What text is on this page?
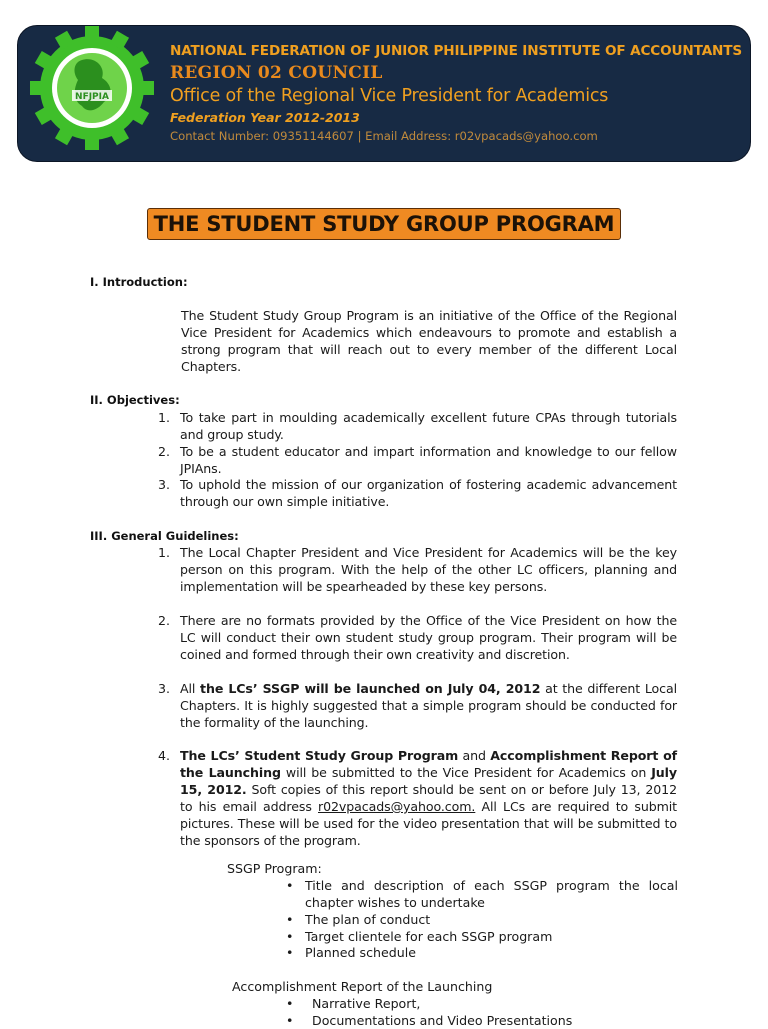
NFJPIA
NATIONAL FEDERATION OF JUNIOR PHILIPPINE INSTITUTE OF ACCOUNTANTS
REGION 02 COUNCIL
Office of the Regional Vice President for Academics
Federation Year 2012-2013
Contact Number: 09351144607 | Email Address: r02vpacads@yahoo.com
THE STUDENT STUDY GROUP PROGRAM
I. Introduction:
The Student Study Group Program is an initiative of the Office of the Regional Vice President for Academics which endeavours to promote and establish a strong program that will reach out to every member of the different Local Chapters.
II. Objectives:
1. To take part in moulding academically excellent future CPAs through tutorials and group study.
2. To be a student educator and impart information and knowledge to our fellow JPIAns.
3. To uphold the mission of our organization of fostering academic advancement through our own simple initiative.
III. General Guidelines:
1. The Local Chapter President and Vice President for Academics will be the key person on this program. With the help of the other LC officers, planning and implementation will be spearheaded by these key persons.
2. There are no formats provided by the Office of the Vice President on how the LC will conduct their own student study group program. Their program will be coined and formed through their own creativity and discretion.
3. All the LCs’ SSGP will be launched on July 04, 2012 at the different Local Chapters. It is highly suggested that a simple program should be conducted for the formality of the launching.
4. The LCs’ Student Study Group Program and Accomplishment Report of the Launching will be submitted to the Vice President for Academics on July 15, 2012. Soft copies of this report should be sent on or before July 13, 2012 to his email address r02vpacads@yahoo.com. All LCs are required to submit pictures. These will be used for the video presentation that will be submitted to the sponsors of the program.
SSGP Program:
• Title and description of each SSGP program the local chapter wishes to undertake
• The plan of conduct
• Target clientele for each SSGP program
• Planned schedule
Accomplishment Report of the Launching
• Narrative Report,
• Documentations and Video Presentations
